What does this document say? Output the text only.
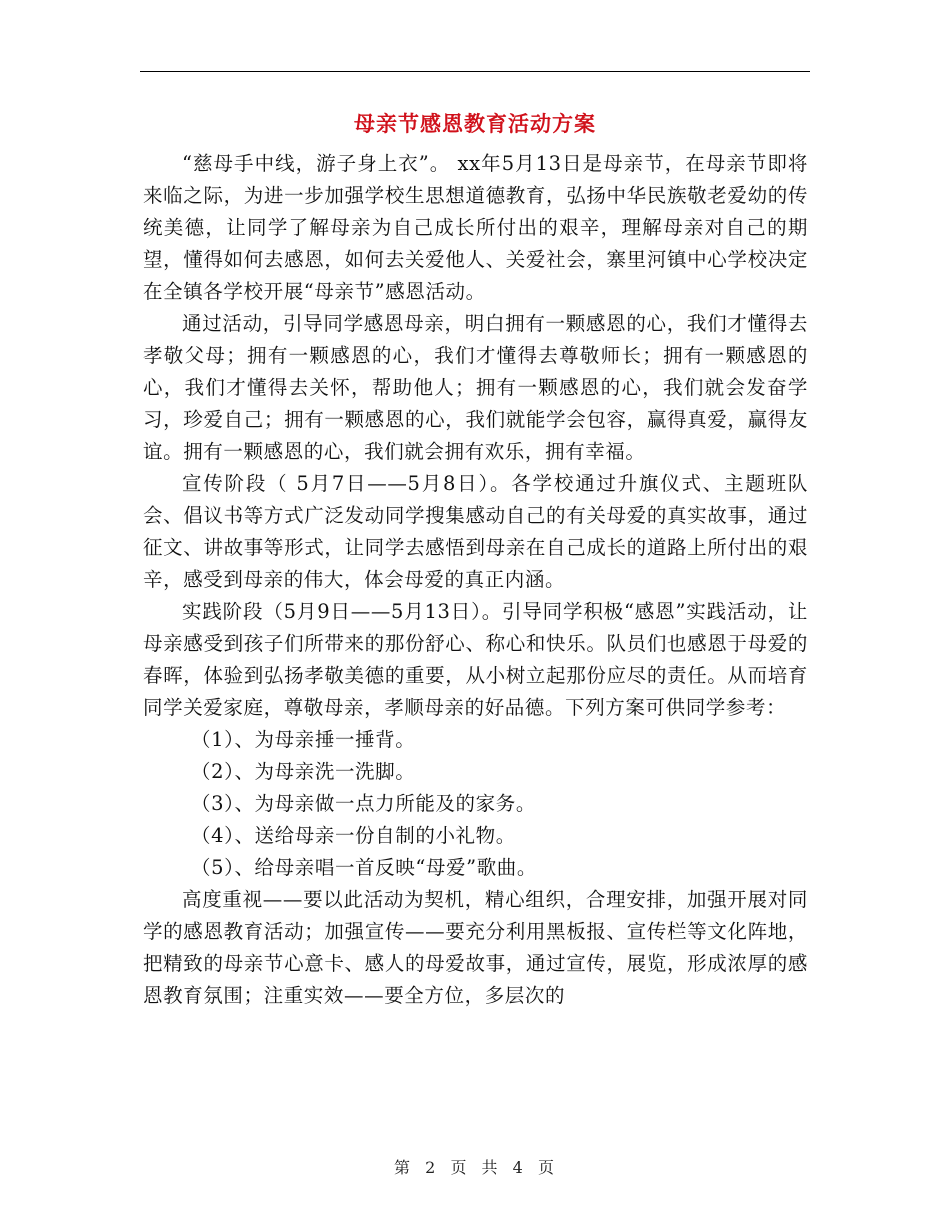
母亲节感恩教育活动方案

“慈母手中线，游子身上衣”。 xx年5月13日是母亲节，在母亲节即将来临之际，为进一步加强学校生思想道德教育，弘扬中华民族敬老爱幼的传统美德，让同学了解母亲为自己成长所付出的艰辛，理解母亲对自己的期望，懂得如何去感恩，如何去关爱他人、关爱社会，寨里河镇中心学校决定在全镇各学校开展“母亲节”感恩活动。

通过活动，引导同学感恩母亲，明白拥有一颗感恩的心，我们才懂得去孝敬父母；拥有一颗感恩的心，我们才懂得去尊敬师长；拥有一颗感恩的心，我们才懂得去关怀，帮助他人；拥有一颗感恩的心，我们就会发奋学习，珍爱自己；拥有一颗感恩的心，我们就能学会包容，赢得真爱，赢得友谊。拥有一颗感恩的心，我们就会拥有欢乐，拥有幸福。

宣传阶段（ 5月7日——5月8日）。各学校通过升旗仪式、主题班队会、倡议书等方式广泛发动同学搜集感动自己的有关母爱的真实故事，通过征文、讲故事等形式，让同学去感悟到母亲在自己成长的道路上所付出的艰辛，感受到母亲的伟大，体会母爱的真正内涵。

实践阶段（5月9日——5月13日）。引导同学积极“感恩”实践活动，让母亲感受到孩子们所带来的那份舒心、称心和快乐。队员们也感恩于母爱的春晖，体验到弘扬孝敬美德的重要，从小树立起那份应尽的责任。从而培育同学关爱家庭，尊敬母亲，孝顺母亲的好品德。下列方案可供同学参考：

（1）、为母亲捶一捶背。

（2）、为母亲洗一洗脚。

（3）、为母亲做一点力所能及的家务。

（4）、送给母亲一份自制的小礼物。

（5）、给母亲唱一首反映“母爱”歌曲。

高度重视——要以此活动为契机，精心组织，合理安排，加强开展对同学的感恩教育活动；加强宣传——要充分利用黑板报、宣传栏等文化阵地，把精致的母亲节心意卡、感人的母爱故事，通过宣传，展览，形成浓厚的感恩教育氛围；注重实效——要全方位，多层次的

第 2 页 共 4 页
